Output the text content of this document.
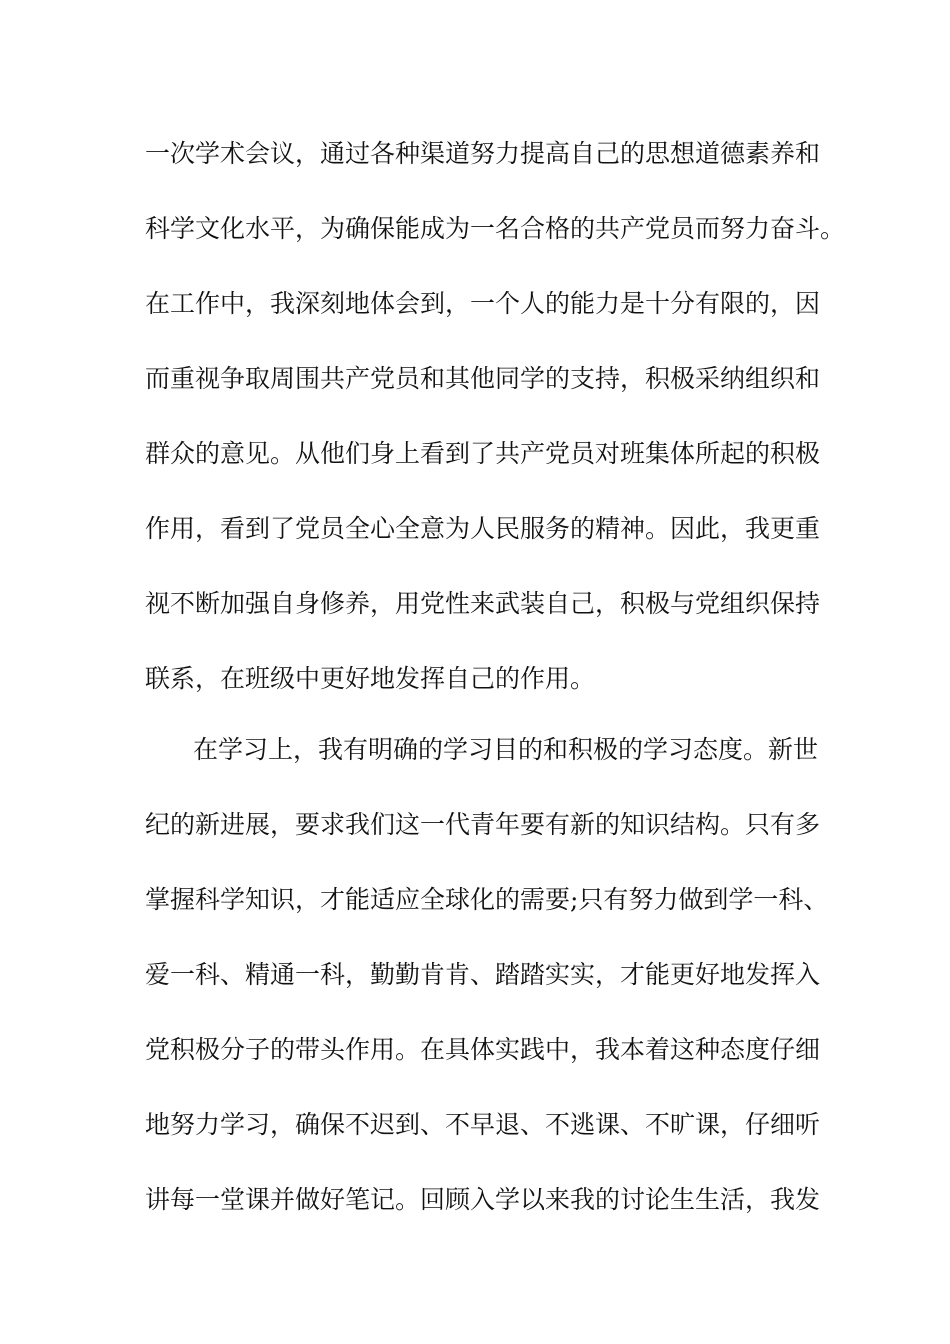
一次学术会议，通过各种渠道努力提高自己的思想道德素养和
科学文化水平，为确保能成为一名合格的共产党员而努力奋斗。
在工作中，我深刻地体会到，一个人的能力是十分有限的，因
而重视争取周围共产党员和其他同学的支持，积极采纳组织和
群众的意见。从他们身上看到了共产党员对班集体所起的积极
作用，看到了党员全心全意为人民服务的精神。因此，我更重
视不断加强自身修养，用党性来武装自己，积极与党组织保持
联系，在班级中更好地发挥自己的作用。
在学习上，我有明确的学习目的和积极的学习态度。新世
纪的新进展，要求我们这一代青年要有新的知识结构。只有多
掌握科学知识，才能适应全球化的需要;只有努力做到学一科、
爱一科、精通一科，勤勤肯肯、踏踏实实，才能更好地发挥入
党积极分子的带头作用。在具体实践中，我本着这种态度仔细
地努力学习，确保不迟到、不早退、不逃课、不旷课，仔细听
讲每一堂课并做好笔记。回顾入学以来我的讨论生生活，我发
